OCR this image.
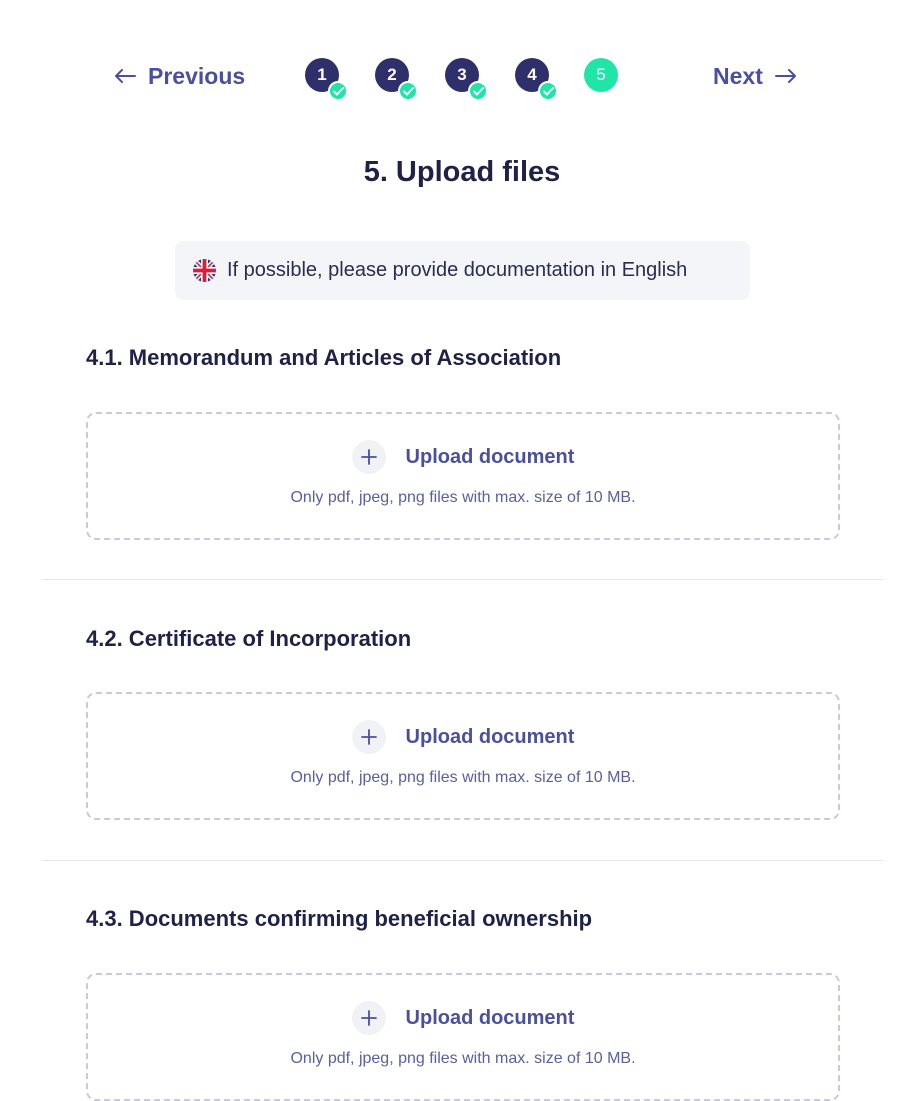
Previous	1	2	3	4	5	Next
5. Upload files
If possible, please provide documentation in English
4.1. Memorandum and Articles of Association
Upload document
Only pdf, jpeg, png files with max. size of 10 MB.
4.2. Certificate of Incorporation
Upload document
Only pdf, jpeg, png files with max. size of 10 MB.
4.3. Documents confirming beneficial ownership
Upload document
Only pdf, jpeg, png files with max. size of 10 MB.
